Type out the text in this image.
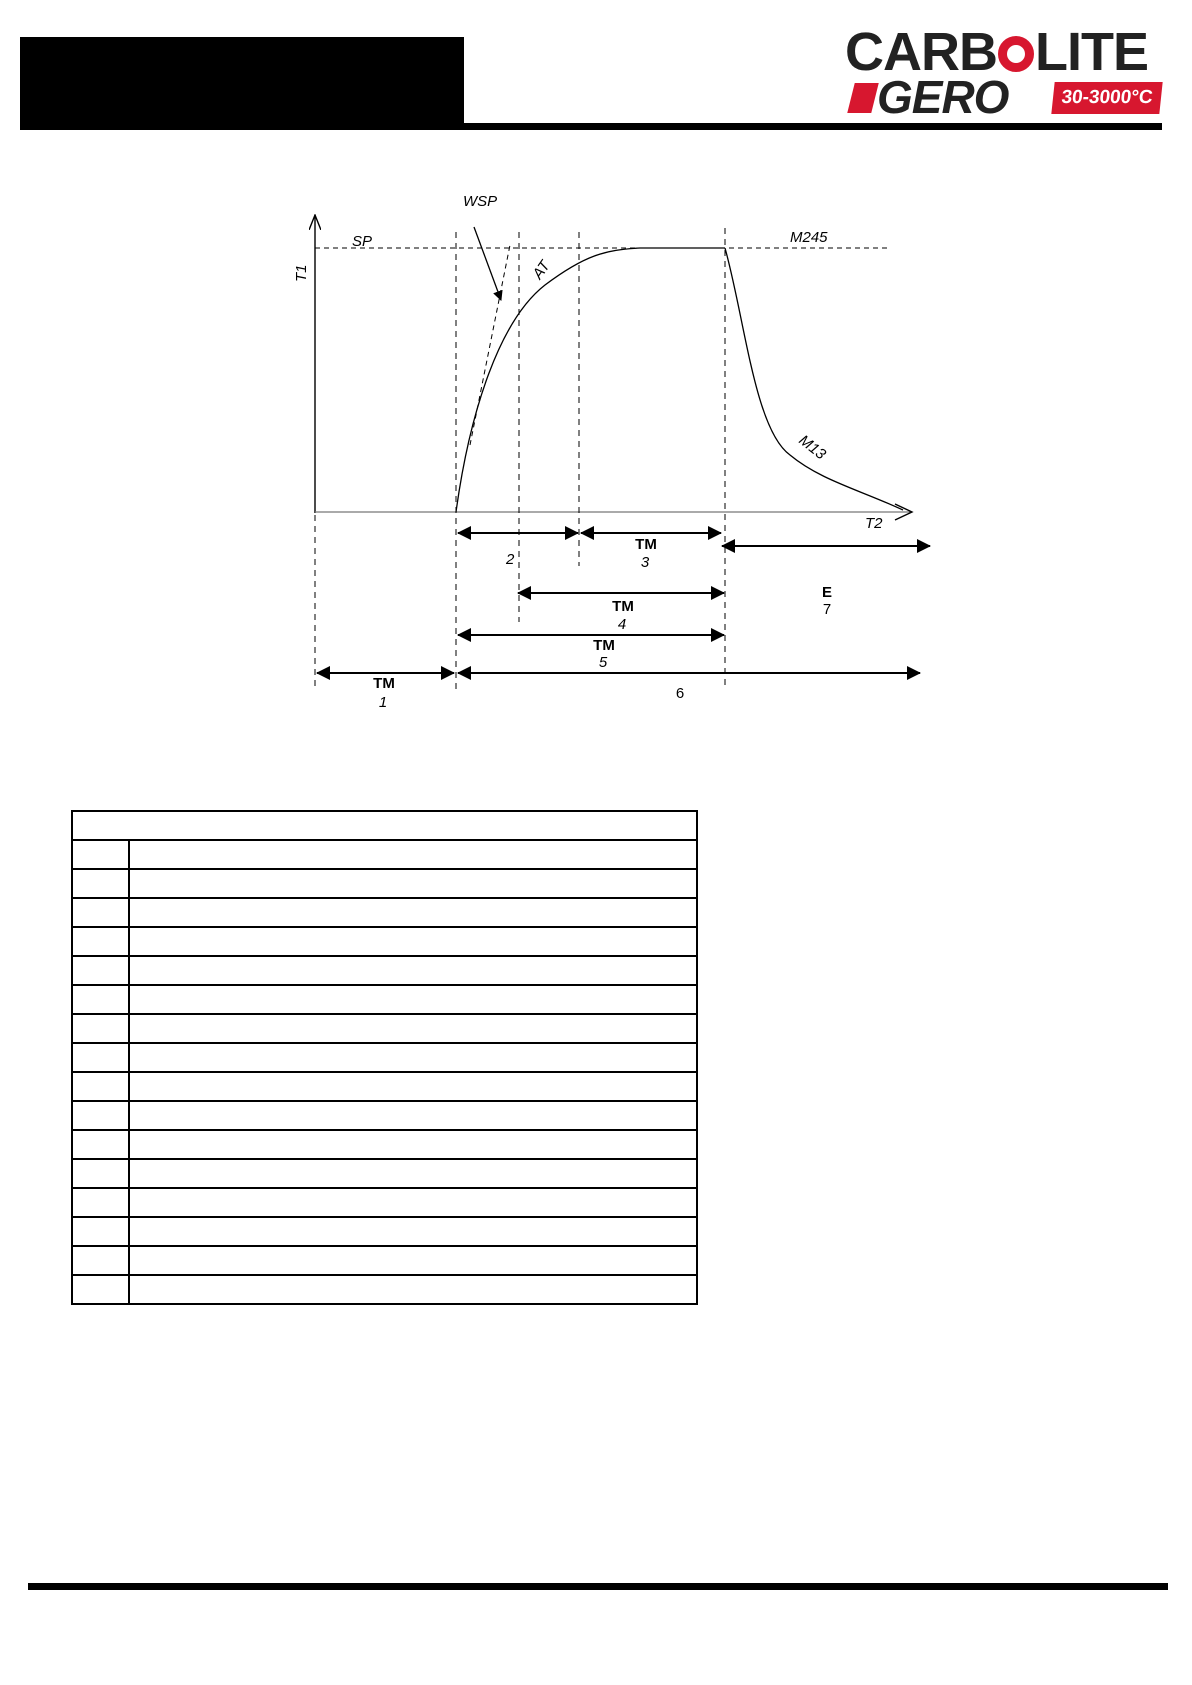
CARB LITE
GERO	30-3000°C
WSP
SP
T1	AT
M245
M13
T2
2
TM
3
TM
4
TM
5
TM
1
6
E
7
